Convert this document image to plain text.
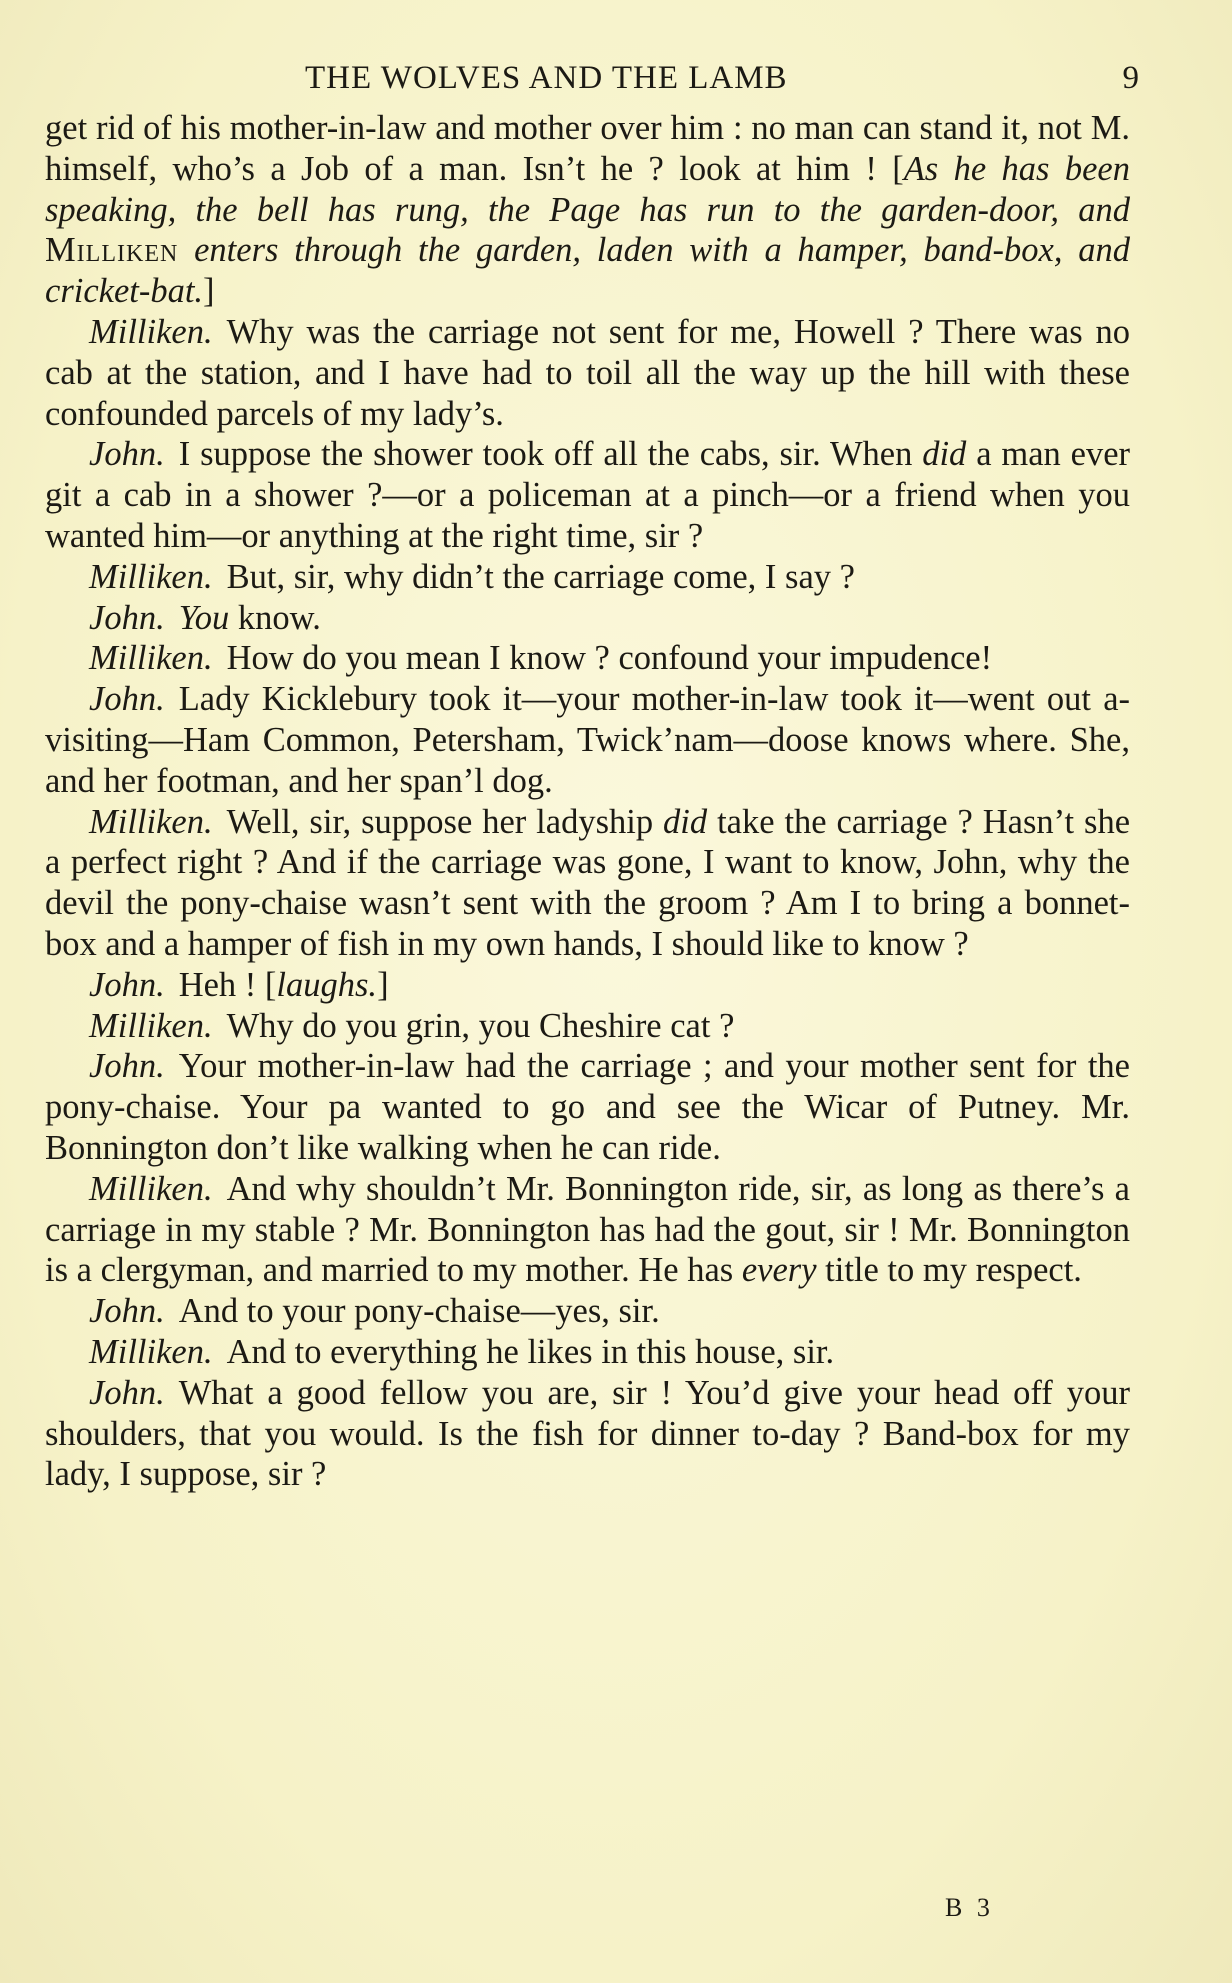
THE WOLVES AND THE LAMB	9

get rid of his mother-in-law and mother over him : no man can stand it, not M. himself, who’s a Job of a man. Isn’t he ? look at him ! [As he has been speaking, the bell has rung, the Page has run to the garden-door, and Milliken enters through the garden, laden with a hamper, band-box, and cricket-bat.]

Milliken. Why was the carriage not sent for me, Howell ? There was no cab at the station, and I have had to toil all the way up the hill with these confounded parcels of my lady’s.

John. I suppose the shower took off all the cabs, sir. When did a man ever git a cab in a shower ?—or a policeman at a pinch—or a friend when you wanted him—or anything at the right time, sir ?

Milliken. But, sir, why didn’t the carriage come, I say ?

John. You know.

Milliken. How do you mean I know ? confound your impudence!

John. Lady Kicklebury took it—your mother-in-law took it—went out a-visiting—Ham Common, Petersham, Twick’nam—doose knows where. She, and her footman, and her span’l dog.

Milliken. Well, sir, suppose her ladyship did take the carriage ? Hasn’t she a perfect right ? And if the carriage was gone, I want to know, John, why the devil the pony-chaise wasn’t sent with the groom ? Am I to bring a bonnet-box and a hamper of fish in my own hands, I should like to know ?

John. Heh ! [laughs.]

Milliken. Why do you grin, you Cheshire cat ?

John. Your mother-in-law had the carriage ; and your mother sent for the pony-chaise. Your pa wanted to go and see the Wicar of Putney. Mr. Bonnington don’t like walking when he can ride.

Milliken. And why shouldn’t Mr. Bonnington ride, sir, as long as there’s a carriage in my stable ? Mr. Bonnington has had the gout, sir ! Mr. Bonnington is a clergyman, and married to my mother. He has every title to my respect.

John. And to your pony-chaise—yes, sir.

Milliken. And to everything he likes in this house, sir.

John. What a good fellow you are, sir ! You’d give your head off your shoulders, that you would. Is the fish for dinner to-day ? Band-box for my lady, I suppose, sir ?

B 3
